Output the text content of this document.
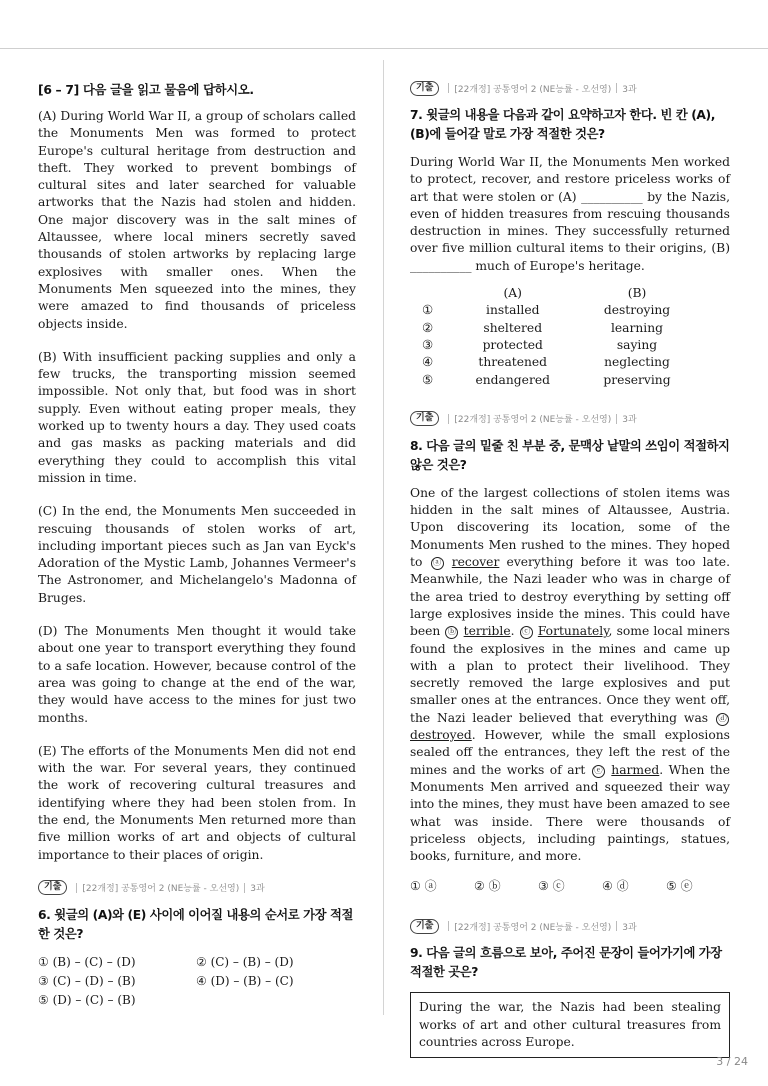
[6 – 7] 다음 글을 읽고 물음에 답하시오.

(A) During World War II, a group of scholars called the Monuments Men was formed to protect Europe's cultural heritage from destruction and theft. They worked to prevent bombings of cultural sites and later searched for valuable artworks that the Nazis had stolen and hidden. One major discovery was in the salt mines of Altaussee, where local miners secretly saved thousands of stolen artworks by replacing large explosives with smaller ones. When the Monuments Men squeezed into the mines, they were amazed to find thousands of priceless objects inside.

(B) With insufficient packing supplies and only a few trucks, the transporting mission seemed impossible. Not only that, but food was in short supply. Even without eating proper meals, they worked up to twenty hours a day. They used coats and gas masks as packing materials and did everything they could to accomplish this vital mission in time.

(C) In the end, the Monuments Men succeeded in rescuing thousands of stolen works of art, including important pieces such as Jan van Eyck's Adoration of the Mystic Lamb, Johannes Vermeer's The Astronomer, and Michelangelo's Madonna of Bruges.

(D) The Monuments Men thought it would take about one year to transport everything they found to a safe location. However, because control of the area was going to change at the end of the war, they would have access to the mines for just two months.

(E) The efforts of the Monuments Men did not end with the war. For several years, they continued the work of recovering cultural treasures and identifying where they had been stolen from. In the end, the Monuments Men returned more than five million works of art and objects of cultural importance to their places of origin.

기출	[22개정] 공통영어 2 (NE능률 - 오선영) 3과
6. 윗글의 (A)와 (E) 사이에 이어질 내용의 순서로 가장 적절한 것은?
① (B) – (C) – (D)	② (C) – (B) – (D)
③ (C) – (D) – (B)	④ (D) – (B) – (C)
⑤ (D) – (C) – (B)
기출	[22개정] 공통영어 2 (NE능률 - 오선영) 3과
7. 윗글의 내용을 다음과 같이 요약하고자 한다. 빈 칸 (A), (B)에 들어갈 말로 가장 적절한 것은?

During World War II, the Monuments Men worked to protect, recover, and restore priceless works of art that were stolen or (A) __________ by the Nazis, even of hidden treasures from rescuing thousands destruction in mines. They successfully returned over five million cultural items to their origins, (B) __________ much of Europe's heritage.

(A)	(B)
①	installed	destroying
②	sheltered	learning
③	protected	saying
④	threatened	neglecting
⑤	endangered	preserving
기출	[22개정] 공통영어 2 (NE능률 - 오선영) 3과
8. 다음 글의 밑줄 친 부분 중, 문맥상 낱말의 쓰임이 적절하지 않은 것은?

One of the largest collections of stolen items was hidden in the salt mines of Altaussee, Austria. Upon discovering its location, some of the Monuments Men rushed to the mines. They hoped to ⓐ recover everything before it was too late. Meanwhile, the Nazi leader who was in charge of the area tried to destroy everything by setting off large explosives inside the mines. This could have been ⓑ terrible. ⓒ Fortunately, some local miners found the explosives in the mines and came up with a plan to protect their livelihood. They secretly removed the large explosives and put smaller ones at the entrances. Once they went off, the Nazi leader believed that everything was ⓓ destroyed. However, while the small explosions sealed off the entrances, they left the rest of the mines and the works of art ⓔ harmed. When the Monuments Men arrived and squeezed their way into the mines, they must have been amazed to see what was inside. There were thousands of priceless objects, including paintings, statues, books, furniture, and more.

① ⓐ	② ⓑ	③ ⓒ	④ ⓓ	⑤ ⓔ
기출	[22개정] 공통영어 2 (NE능률 - 오선영) 3과
9. 다음 글의 흐름으로 보아, 주어진 문장이 들어가기에 가장 적절한 곳은?
During the war, the Nazis had been stealing works of art and other cultural treasures from countries across Europe.
3 / 24
